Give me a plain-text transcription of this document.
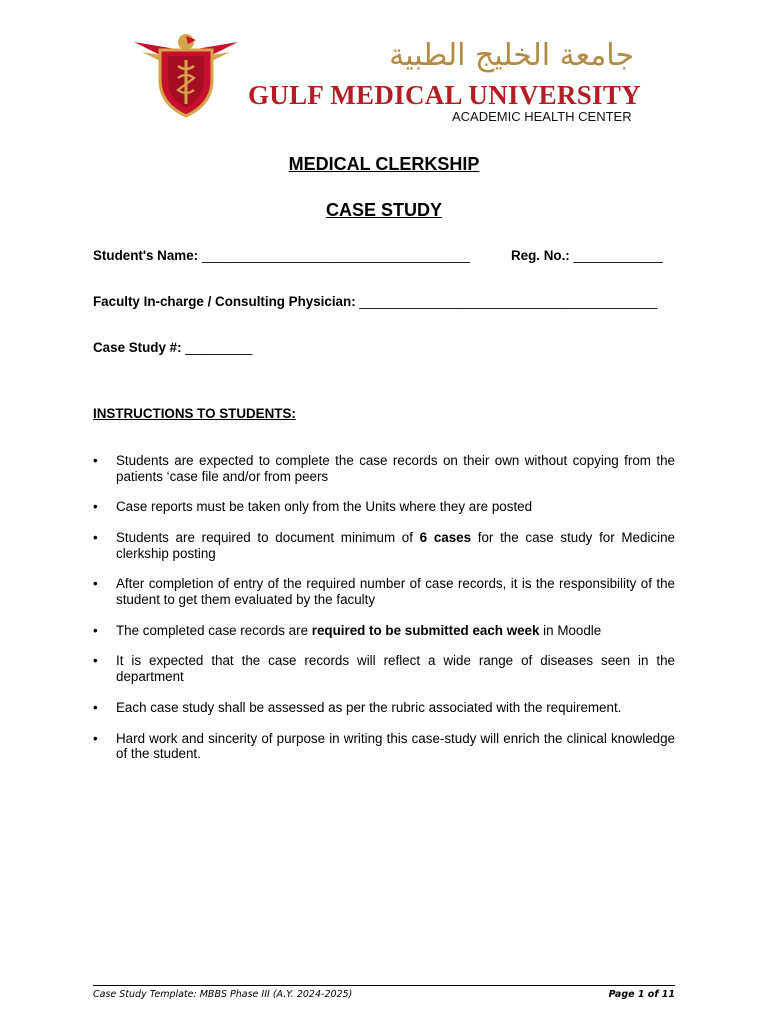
جامعة الخليج الطبية
GULF MEDICAL UNIVERSITY
ACADEMIC HEALTH CENTER
MEDICAL CLERKSHIP
CASE STUDY
Student's Name: ____________________________________	Reg. No.: ____________
Faculty In-charge / Consulting Physician: ________________________________________
Case Study #: _________
INSTRUCTIONS TO STUDENTS:
• Students are expected to complete the case records on their own without copying from the patients ‘case file and/or from peers
• Case reports must be taken only from the Units where they are posted
• Students are required to document minimum of 6 cases for the case study for Medicine clerkship posting
• After completion of entry of the required number of case records, it is the responsibility of the student to get them evaluated by the faculty
• The completed case records are required to be submitted each week in Moodle
• It is expected that the case records will reflect a wide range of diseases seen in the department
• Each case study shall be assessed as per the rubric associated with the requirement.
• Hard work and sincerity of purpose in writing this case-study will enrich the clinical knowledge of the student.
Case Study Template: MBBS Phase III (A.Y. 2024-2025)	Page 1 of 11
